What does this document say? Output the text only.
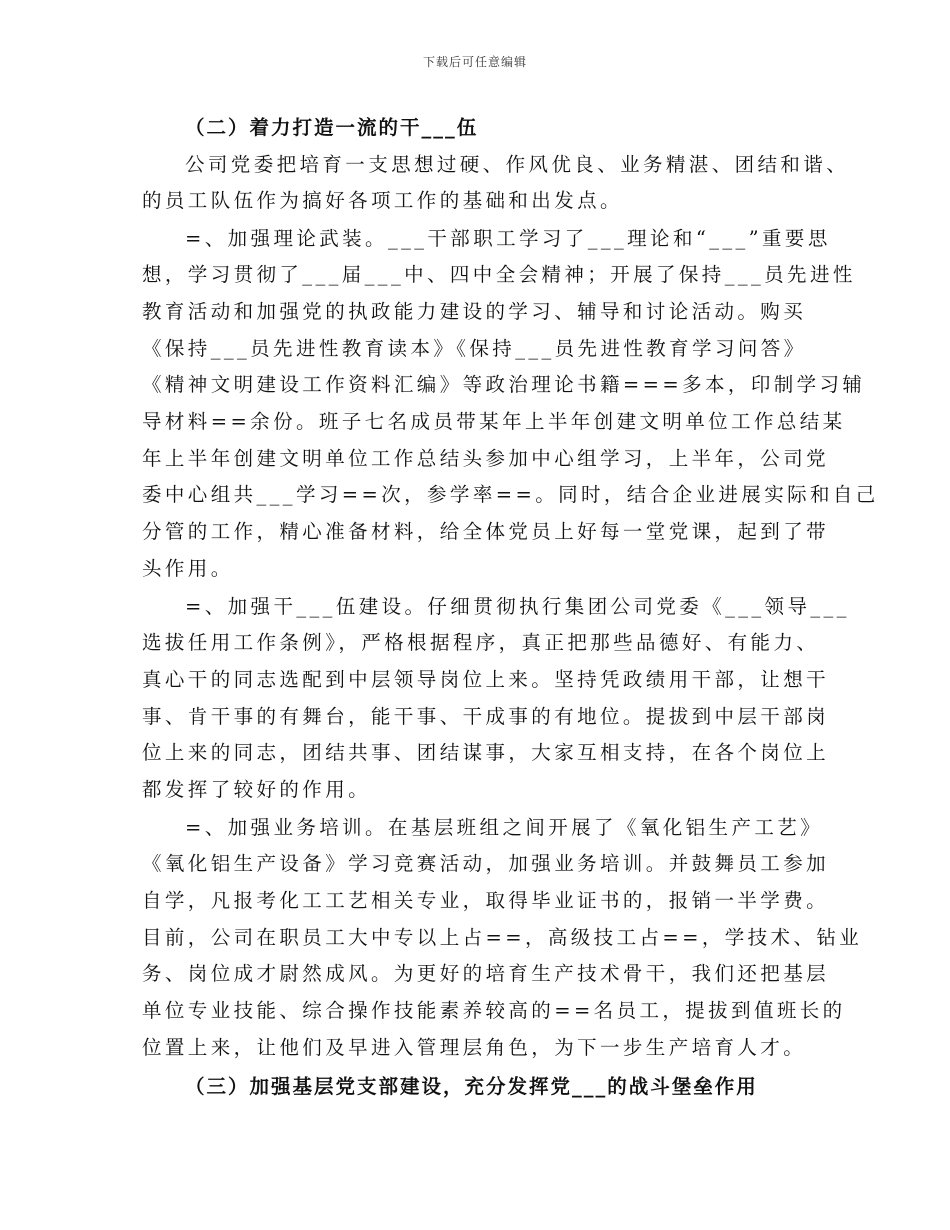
下载后可任意编辑
（二）着力打造一流的干___伍
公司党委把培育一支思想过硬、作风优良、业务精湛、团结和谐、
的员工队伍作为搞好各项工作的基础和出发点。
=、加强理论武装。___干部职工学习了___理论和“___”重要思
想，学习贯彻了___届___中、四中全会精神；开展了保持___员先进性
教育活动和加强党的执政能力建设的学习、辅导和讨论活动。购买
《保持___员先进性教育读本》《保持___员先进性教育学习问答》
《精神文明建设工作资料汇编》等政治理论书籍===多本，印制学习辅
导材料==余份。班子七名成员带某年上半年创建文明单位工作总结某
年上半年创建文明单位工作总结头参加中心组学习，上半年，公司党
委中心组共___学习==次，参学率==。同时，结合企业进展实际和自己
分管的工作，精心准备材料，给全体党员上好每一堂党课，起到了带
头作用。
=、加强干___伍建设。仔细贯彻执行集团公司党委《___领导___
选拔任用工作条例》，严格根据程序，真正把那些品德好、有能力、
真心干的同志选配到中层领导岗位上来。坚持凭政绩用干部，让想干
事、肯干事的有舞台，能干事、干成事的有地位。提拔到中层干部岗
位上来的同志，团结共事、团结谋事，大家互相支持，在各个岗位上
都发挥了较好的作用。
=、加强业务培训。在基层班组之间开展了《氧化铝生产工艺》
《氧化铝生产设备》学习竞赛活动，加强业务培训。并鼓舞员工参加
自学，凡报考化工工艺相关专业，取得毕业证书的，报销一半学费。
目前，公司在职员工大中专以上占==，高级技工占==，学技术、钻业
务、岗位成才尉然成风。为更好的培育生产技术骨干，我们还把基层
单位专业技能、综合操作技能素养较高的==名员工，提拔到值班长的
位置上来，让他们及早进入管理层角色，为下一步生产培育人才。
（三）加强基层党支部建设，充分发挥党___的战斗堡垒作用
